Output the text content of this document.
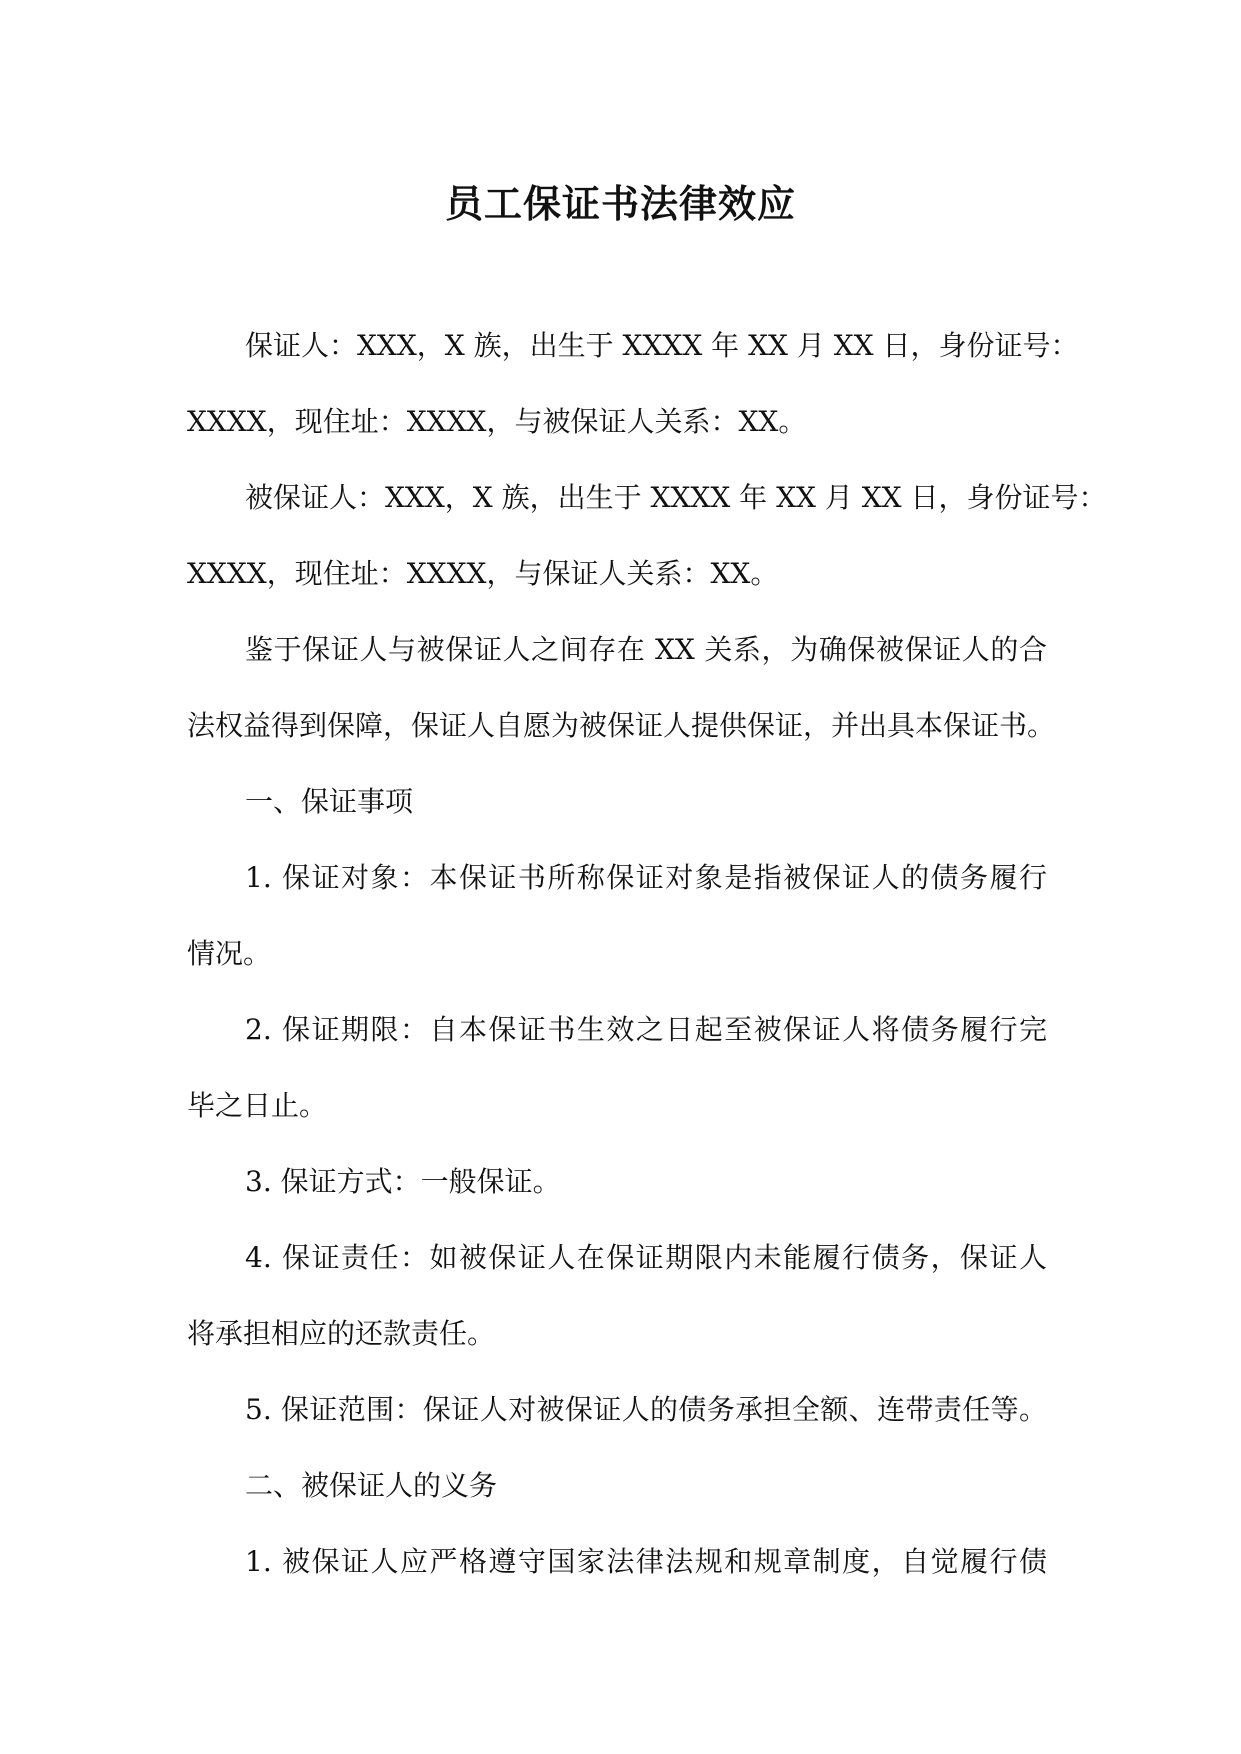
员工保证书法律效应
保证人：XXX，X 族，出生于 XXXX 年 XX 月 XX 日，身份证号：
XXXX，现住址：XXXX，与被保证人关系：XX。
被保证人：XXX，X 族，出生于 XXXX 年 XX 月 XX 日，身份证号：
XXXX，现住址：XXXX，与保证人关系：XX。
鉴于保证人与被保证人之间存在 XX 关系，为确保被保证人的合
法权益得到保障，保证人自愿为被保证人提供保证，并出具本保证书。
一、保证事项
1. 保证对象：本保证书所称保证对象是指被保证人的债务履行
情况。
2. 保证期限：自本保证书生效之日起至被保证人将债务履行完
毕之日止。
3. 保证方式：一般保证。
4. 保证责任：如被保证人在保证期限内未能履行债务，保证人
将承担相应的还款责任。
5. 保证范围：保证人对被保证人的债务承担全额、连带责任等。
二、被保证人的义务
1. 被保证人应严格遵守国家法律法规和规章制度，自觉履行债
